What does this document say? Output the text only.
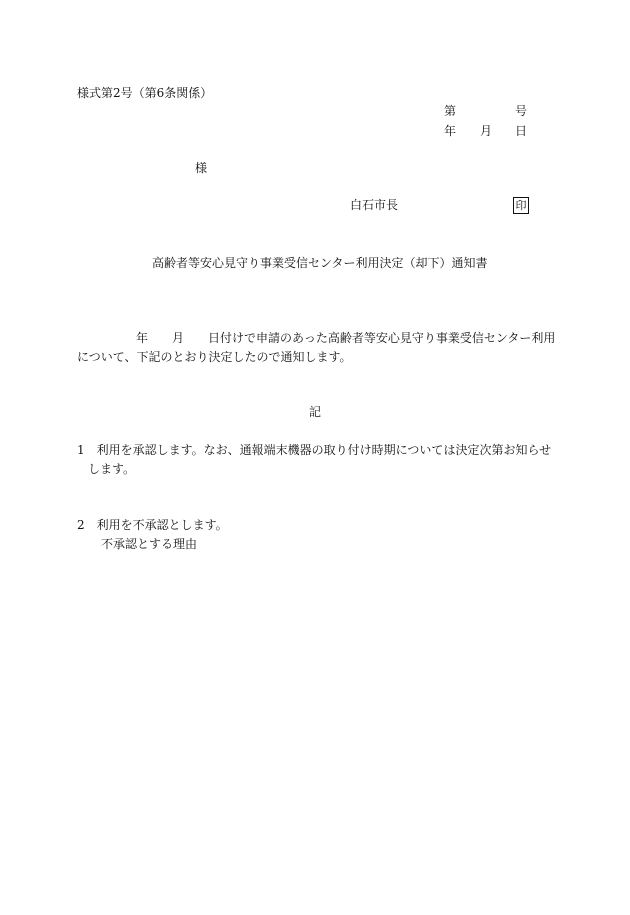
様式第2号（第6条関係）
第	号
年 月 日
様
白石市長	印
高齢者等安心見守り事業受信センター利用決定（却下）通知書
年 月 日付けで申請のあった高齢者等安心見守り事業受信センター利用
について、下記のとおり決定したので通知します。
記
1　利用を承認します。なお、通報端末機器の取り付け時期については決定次第お知らせ
します。
2　利用を不承認とします。
不承認とする理由
